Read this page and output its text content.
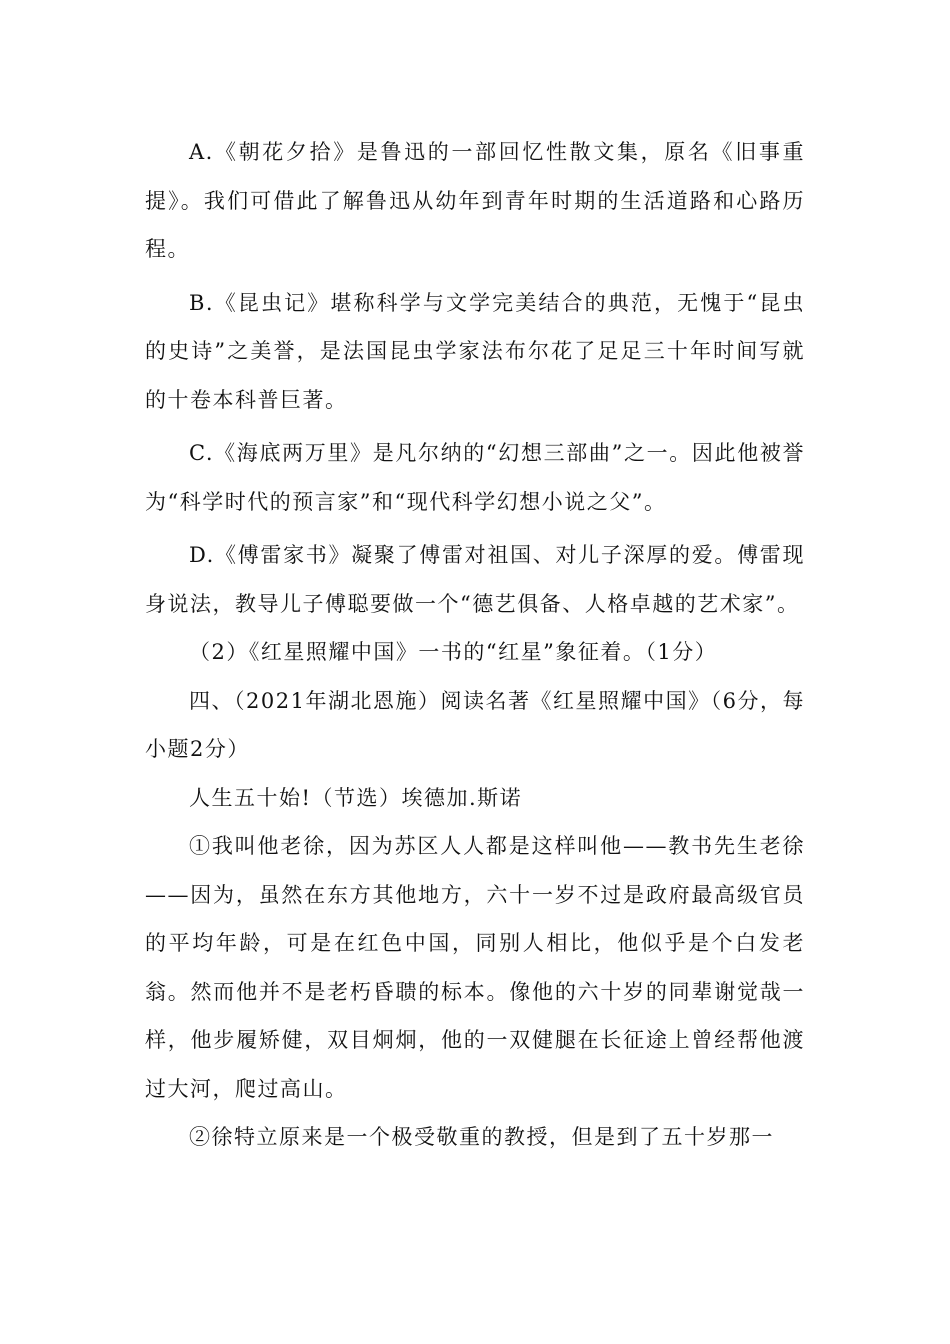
A.《朝花夕拾》是鲁迅的一部回忆性散文集，原名《旧事重提》。我们可借此了解鲁迅从幼年到青年时期的生活道路和心路历程。

B.《昆虫记》堪称科学与文学完美结合的典范，无愧于“昆虫的史诗”之美誉，是法国昆虫学家法布尔花了足足三十年时间写就的十卷本科普巨著。

C.《海底两万里》是凡尔纳的“幻想三部曲”之一。因此他被誉为“科学时代的预言家”和“现代科学幻想小说之父”。

D.《傅雷家书》凝聚了傅雷对祖国、对儿子深厚的爱。傅雷现身说法，教导儿子傅聪要做一个“德艺俱备、人格卓越的艺术家”。

（2）《红星照耀中国》一书的“红星”象征着。（1分）

四、（2021年湖北恩施）阅读名著《红星照耀中国》（6分，每小题2分）

人生五十始!（节选）埃德加.斯诺

①我叫他老徐，因为苏区人人都是这样叫他——教书先生老徐——因为，虽然在东方其他地方，六十一岁不过是政府最高级官员的平均年龄，可是在红色中国，同别人相比，他似乎是个白发老翁。然而他并不是老朽昏聩的标本。像他的六十岁的同辈谢觉哉一样，他步履矫健，双目炯炯，他的一双健腿在长征途上曾经帮他渡过大河，爬过高山。

②徐特立原来是一个极受敬重的教授，但是到了五十岁那一
